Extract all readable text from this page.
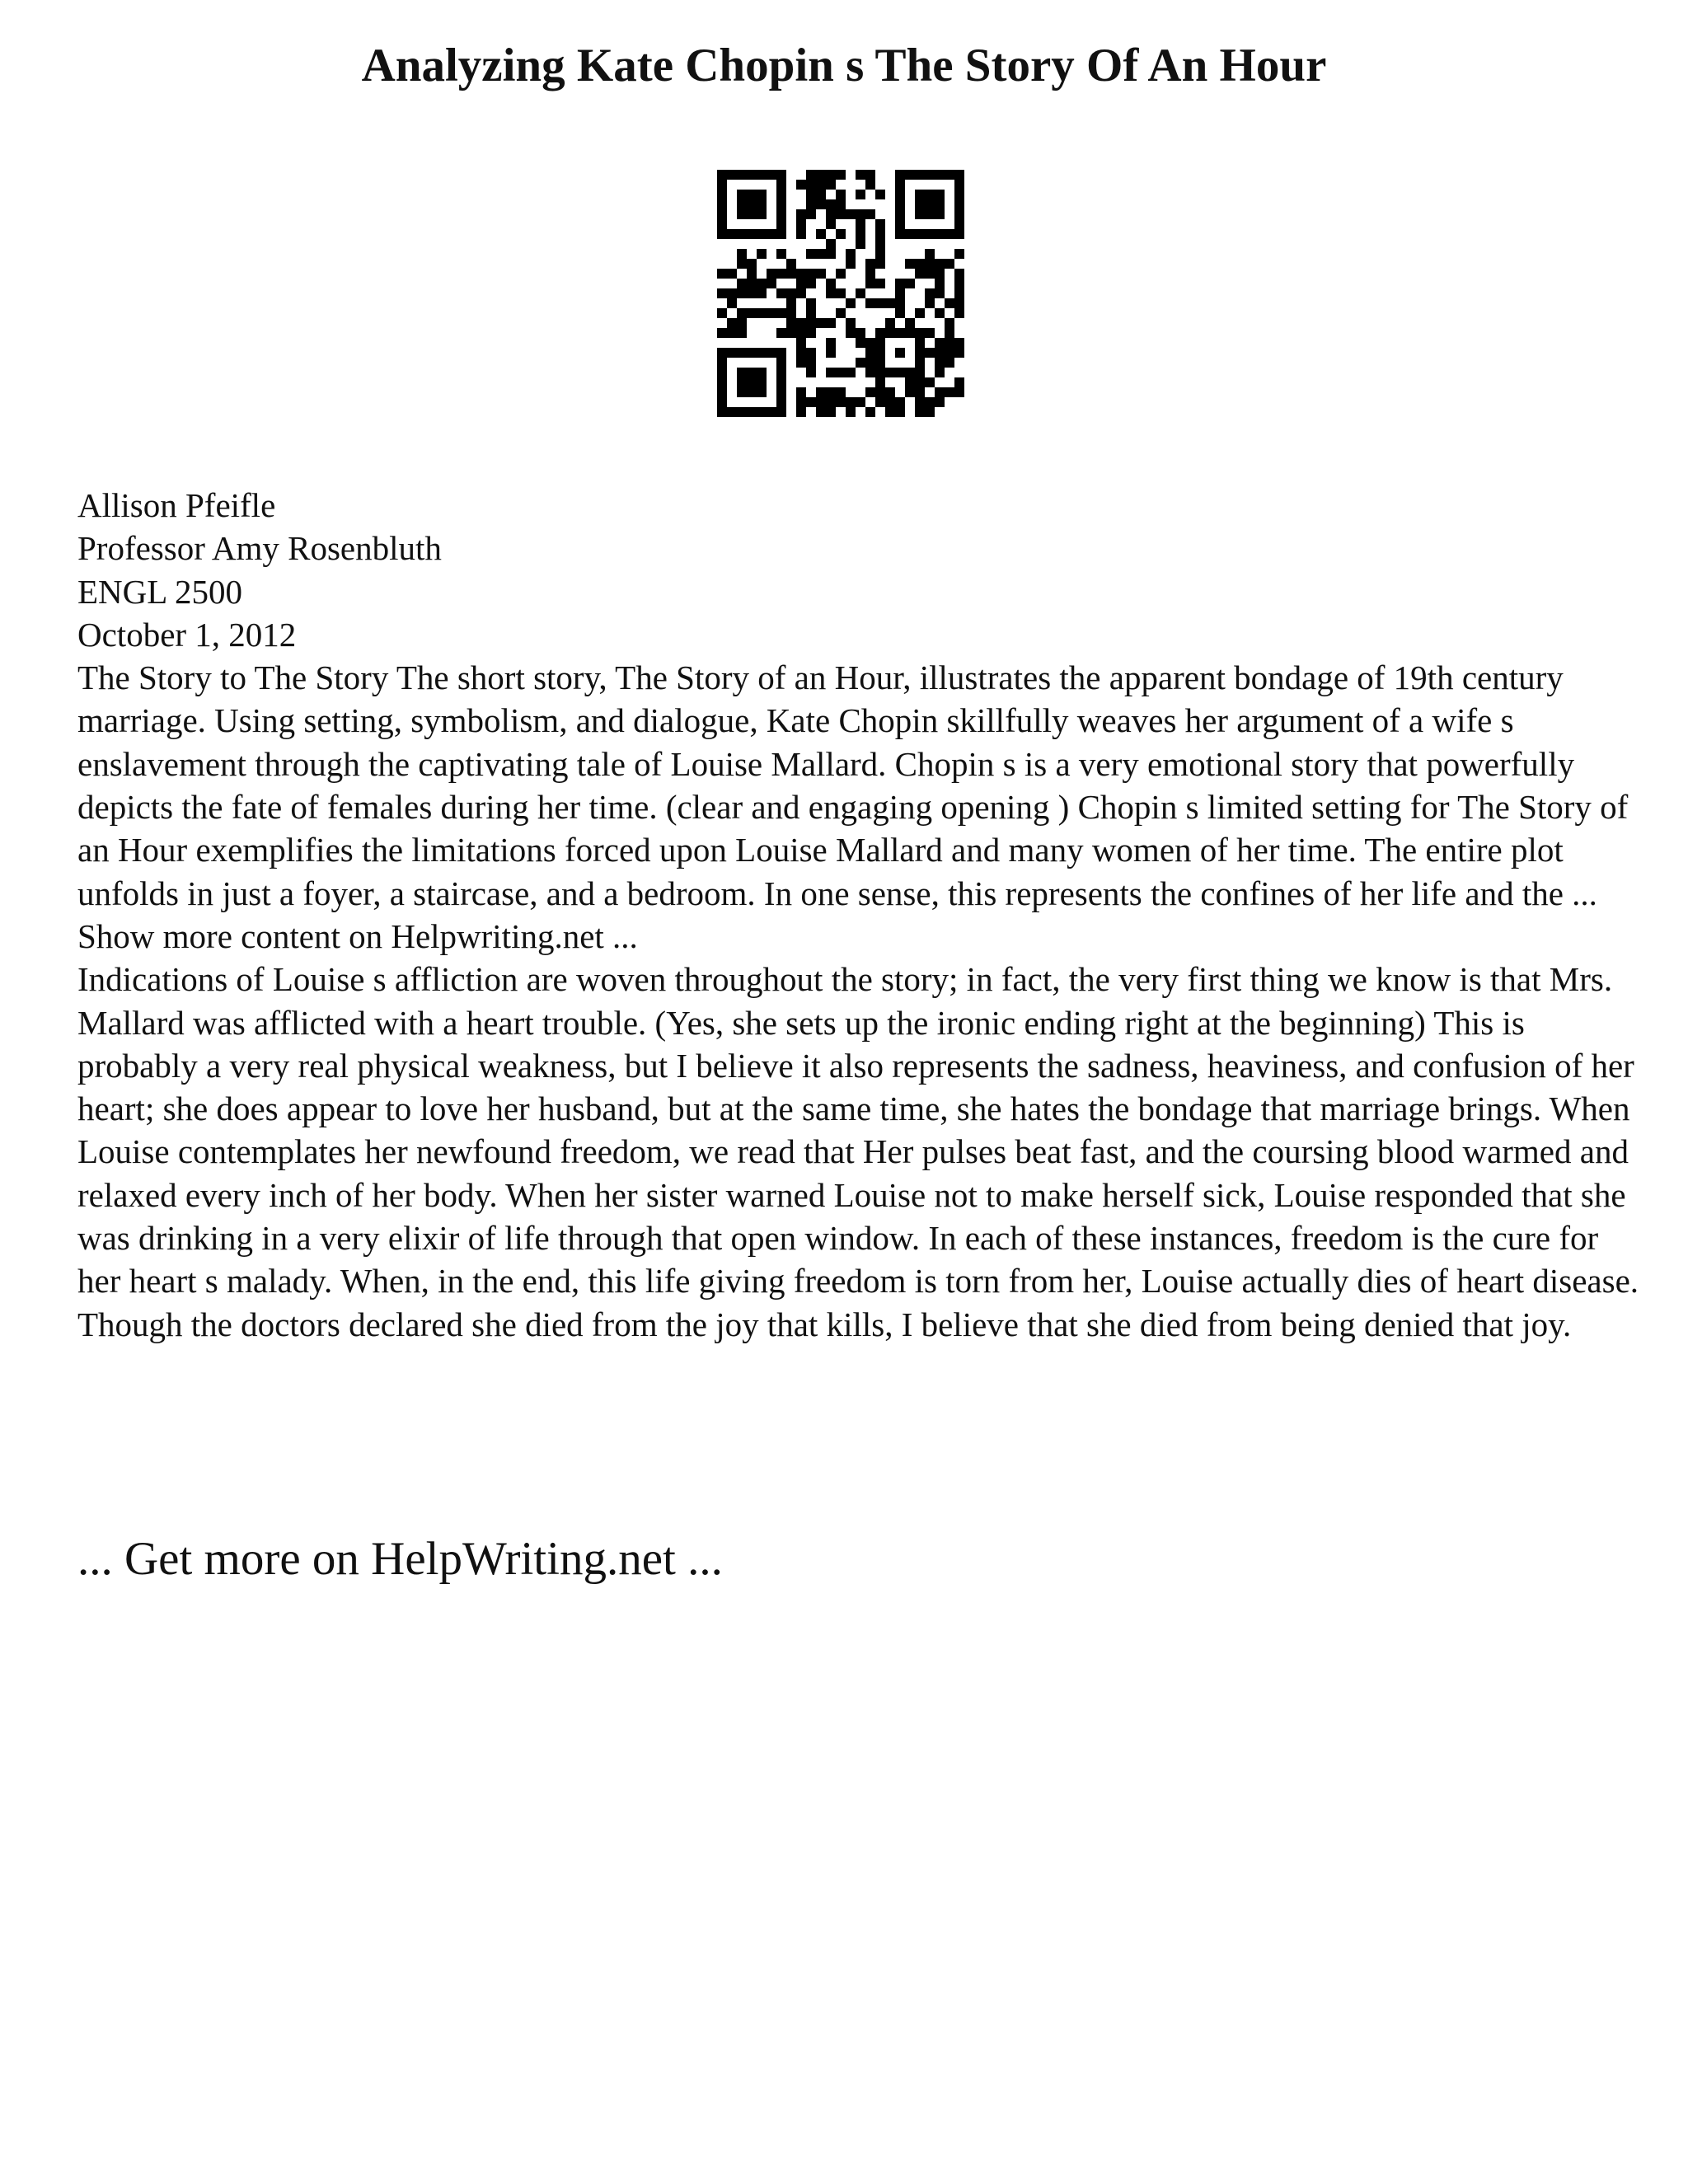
Analyzing Kate Chopin s The Story Of An Hour

Allison Pfeifle

Professor Amy Rosenbluth

ENGL 2500

October 1, 2012

The Story to The Story The short story, The Story of an Hour, illustrates the apparent bondage of 19th century marriage. Using setting, symbolism, and dialogue, Kate Chopin skillfully weaves her argument of a wife s enslavement through the captivating tale of Louise Mallard. Chopin s is a very emotional story that powerfully depicts the fate of females during her time. (clear and engaging opening ) Chopin s limited setting for The Story of an Hour exemplifies the limitations forced upon Louise Mallard and many women of her time. The entire plot unfolds in just a foyer, a staircase, and a bedroom. In one sense, this represents the confines of her life and the ... Show more content on Helpwriting.net ...

Indications of Louise s affliction are woven throughout the story; in fact, the very first thing we know is that Mrs. Mallard was afflicted with a heart trouble. (Yes, she sets up the ironic ending right at the beginning) This is probably a very real physical weakness, but I believe it also represents the sadness, heaviness, and confusion of her heart; she does appear to love her husband, but at the same time, she hates the bondage that marriage brings. When Louise contemplates her newfound freedom, we read that Her pulses beat fast, and the coursing blood warmed and relaxed every inch of her body. When her sister warned Louise not to make herself sick, Louise responded that she was drinking in a very elixir of life through that open window. In each of these instances, freedom is the cure for her heart s malady. When, in the end, this life giving freedom is torn from her, Louise actually dies of heart disease. Though the doctors declared she died from the joy that kills, I believe that she died from being denied that joy.

... Get more on HelpWriting.net ...
